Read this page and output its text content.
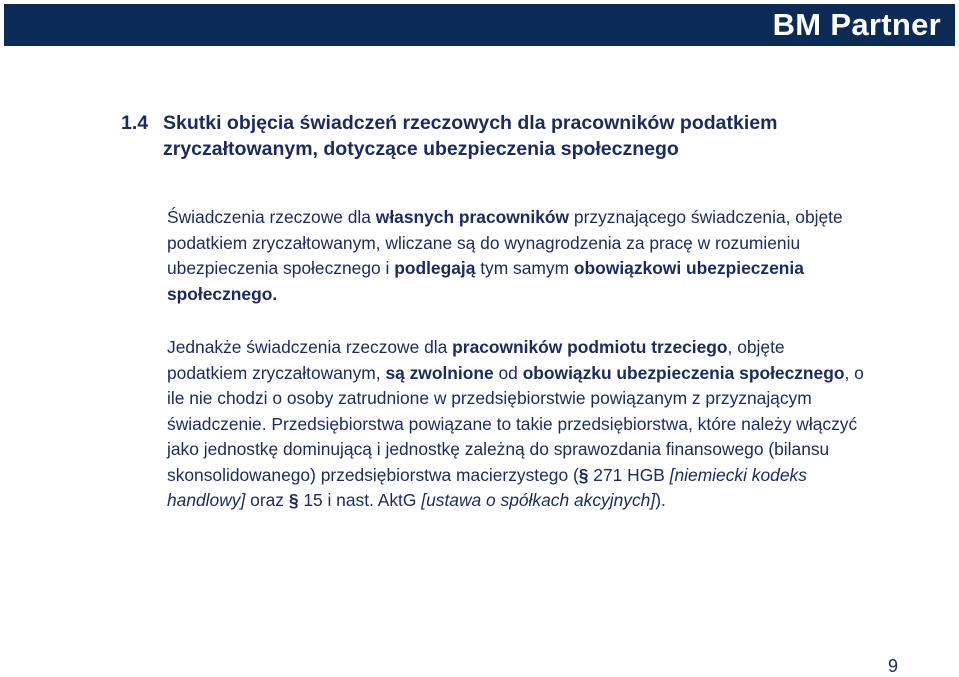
BM Partner
1.4 Skutki objęcia świadczeń rzeczowych dla pracowników podatkiem
zryczałtowanym, dotyczące ubezpieczenia społecznego

Świadczenia rzeczowe dla własnych pracowników przyznającego świadczenia, objęte podatkiem zryczałtowanym, wliczane są do wynagrodzenia za pracę w rozumieniu ubezpieczenia społecznego i podlegają tym samym obowiązkowi ubezpieczenia społecznego.

Jednakże świadczenia rzeczowe dla pracowników podmiotu trzeciego, objęte podatkiem zryczałtowanym, są zwolnione od obowiązku ubezpieczenia społecznego, o ile nie chodzi o osoby zatrudnione w przedsiębiorstwie powiązanym z przyznającym świadczenie. Przedsiębiorstwa powiązane to takie przedsiębiorstwa, które należy włączyć jako jednostkę dominującą i jednostkę zależną do sprawozdania finansowego (bilansu skonsolidowanego) przedsiębiorstwa macierzystego (§ 271 HGB [niemiecki kodeks handlowy] oraz § 15 i nast. AktG [ustawa o spółkach akcyjnych]).

9
